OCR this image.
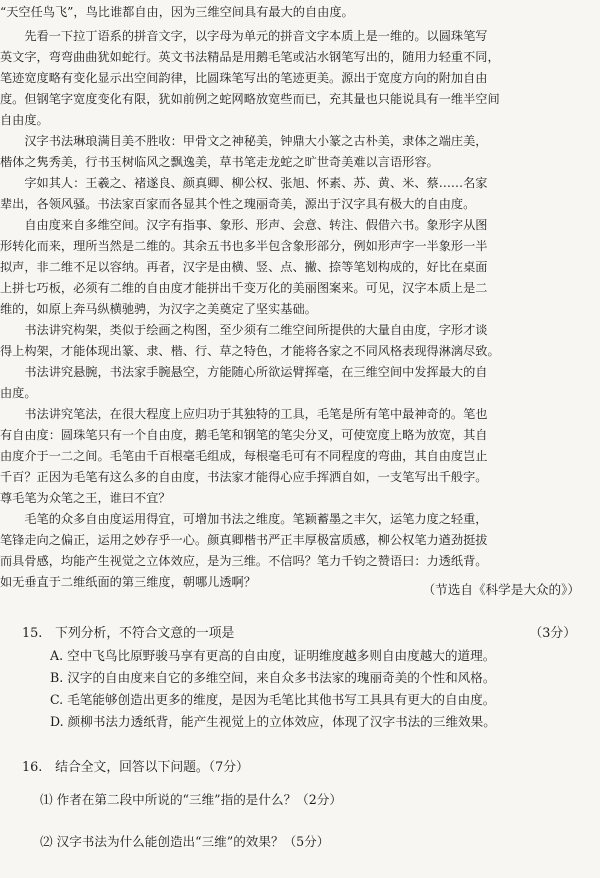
“天空任鸟飞”，鸟比谁都自由，因为三维空间具有最大的自由度。
　　先看一下拉丁语系的拼音文字，以字母为单元的拼音文字本质上是一维的。以圆珠笔写
英文字，弯弯曲曲犹如蛇行。英文书法精品是用鹅毛笔或沾水钢笔写出的，随用力轻重不同，
笔迹宽度略有变化显示出空间韵律，比圆珠笔写出的笔迹更美。源出于宽度方向的附加自由
度。但钢笔字宽度变化有限，犹如前例之蛇网略放宽些而已，充其量也只能说具有一维半空间
自由度。
　　汉字书法琳琅满目美不胜收：甲骨文之神秘美，钟鼎大小篆之古朴美，隶体之端庄美，
楷体之隽秀美，行书玉树临风之飘逸美，草书笔走龙蛇之旷世奇美难以言语形容。
　　字如其人：王羲之、褚遂良、颜真卿、柳公权、张旭、怀素、苏、黄、米、蔡……名家
辈出，各领风骚。书法家百家而各显其个性之瑰丽奇美，源出于汉字具有极大的自由度。
　　自由度来自多维空间。汉字有指事、象形、形声、会意、转注、假借六书。象形字从图
形转化而来，理所当然是二维的。其余五书也多半包含象形部分，例如形声字一半象形一半
拟声，非二维不足以容纳。再者，汉字是由横、竖、点、撇、捺等笔划构成的，好比在桌面
上拼七巧板，必须有二维的自由度才能拼出千变万化的美丽图案来。可见，汉字本质上是二
维的，如原上奔马纵横驰骋，为汉字之美奠定了坚实基础。
　　书法讲究构架，类似于绘画之构图，至少须有二维空间所提供的大量自由度，字形才谈
得上构架，才能体现出篆、隶、楷、行、草之特色，才能将各家之不同风格表现得淋漓尽致。
　　书法讲究悬腕，书法家手腕悬空，方能随心所欲运臂挥毫，在三维空间中发挥最大的自
由度。
　　书法讲究笔法，在很大程度上应归功于其独特的工具，毛笔是所有笔中最神奇的。笔也
有自由度：圆珠笔只有一个自由度，鹅毛笔和钢笔的笔尖分叉，可使宽度上略为放宽，其自
由度介于一二之间。毛笔由千百根毫毛组成，每根毫毛可有不同程度的弯曲，其自由度岂止
千百？正因为毛笔有这么多的自由度，书法家才能得心应手挥洒自如，一支笔写出千般字。
尊毛笔为众笔之王，谁曰不宜？
　　毛笔的众多自由度运用得宜，可增加书法之维度。笔颖蓄墨之丰欠，运笔力度之轻重，
笔锋走向之偏正，运用之妙存乎一心。颜真卿楷书严正丰厚极富质感，柳公权笔力遒劲挺拔
而具骨感，均能产生视觉之立体效应，是为三维。不信吗？笔力千钧之赞语曰：力透纸背。
如无垂直于二维纸面的第三维度，朝哪儿透啊？	（节选自《科学是大众的》）
15.　下列分析，不符合文意的一项是	（3分）
A. 空中飞鸟比原野骏马享有更高的自由度，证明维度越多则自由度越大的道理。
B. 汉字的自由度来自它的多维空间，来自众多书法家的瑰丽奇美的个性和风格。
C. 毛笔能够创造出更多的维度，是因为毛笔比其他书写工具具有更大的自由度。
D. 颜柳书法力透纸背，能产生视觉上的立体效应，体现了汉字书法的三维效果。
16.　结合全文，回答以下问题。（7分）
⑴ 作者在第二段中所说的“三维”指的是什么？（2分）
⑵ 汉字书法为什么能创造出“三维”的效果？（5分）
